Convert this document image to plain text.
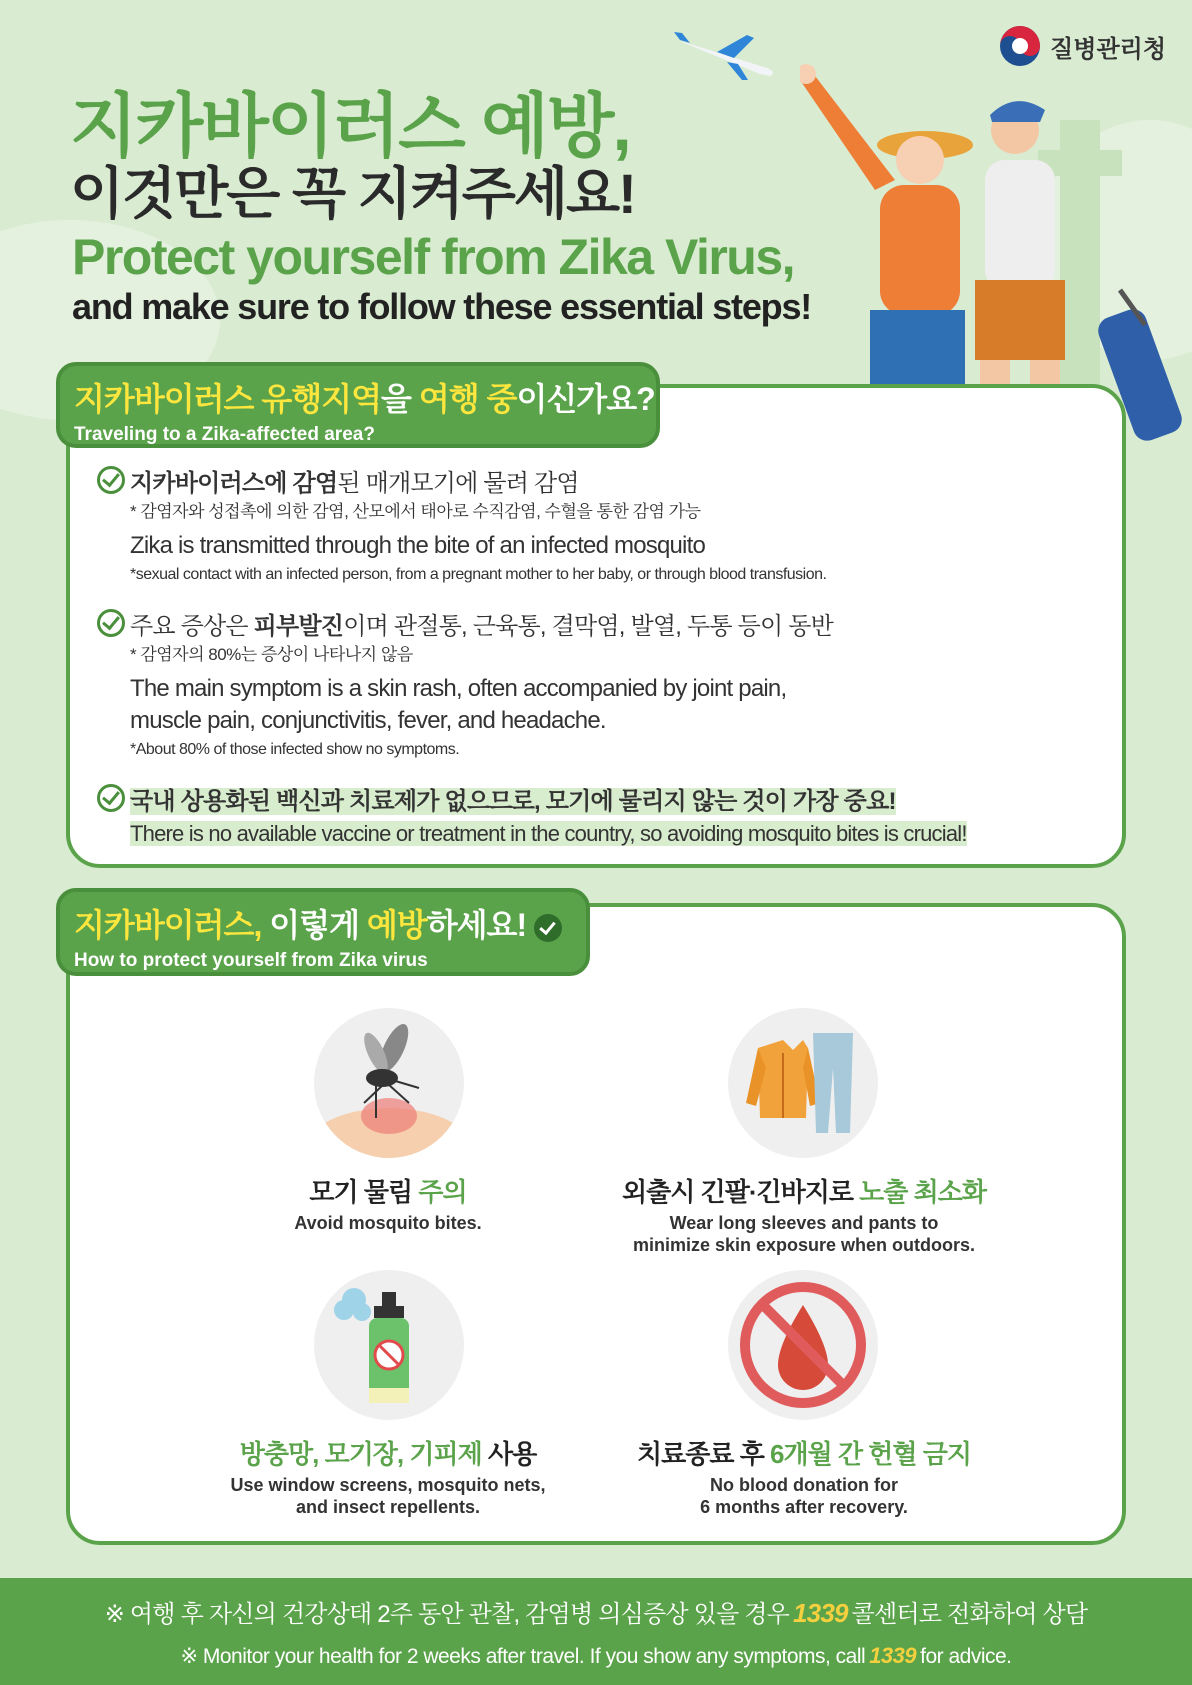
질병관리청
지카바이러스 예방,
이것만은 꼭 지켜주세요!
Protect yourself from Zika Virus,
and make sure to follow these essential steps!
지카바이러스 유행지역을 여행 중이신가요?
Traveling to a Zika-affected area?
지카바이러스에 감염된 매개모기에 물려 감염
* 감염자와 성접촉에 의한 감염, 산모에서 태아로 수직감염, 수혈을 통한 감염 가능
Zika is transmitted through the bite of an infected mosquito
*sexual contact with an infected person, from a pregnant mother to her baby, or through blood transfusion.
주요 증상은 피부발진이며 관절통, 근육통, 결막염, 발열, 두통 등이 동반
* 감염자의 80%는 증상이 나타나지 않음
The main symptom is a skin rash, often accompanied by joint pain,
muscle pain, conjunctivitis, fever, and headache.
*About 80% of those infected show no symptoms.
국내 상용화된 백신과 치료제가 없으므로, 모기에 물리지 않는 것이 가장 중요!
There is no available vaccine or treatment in the country, so avoiding mosquito bites is crucial!
지카바이러스, 이렇게 예방하세요!
How to protect yourself from Zika virus
모기 물림 주의
Avoid mosquito bites.
외출시 긴팔·긴바지로 노출 최소화
Wear long sleeves and pants to
minimize skin exposure when outdoors.
방충망, 모기장, 기피제 사용
Use window screens, mosquito nets,
and insect repellents.
치료종료 후 6개월 간 헌혈 금지
No blood donation for
6 months after recovery.
※ 여행 후 자신의 건강상태 2주 동안 관찰, 감염병 의심증상 있을 경우 1339 콜센터로 전화하여 상담
※ Monitor your health for 2 weeks after travel. If you show any symptoms, call 1339 for advice.
